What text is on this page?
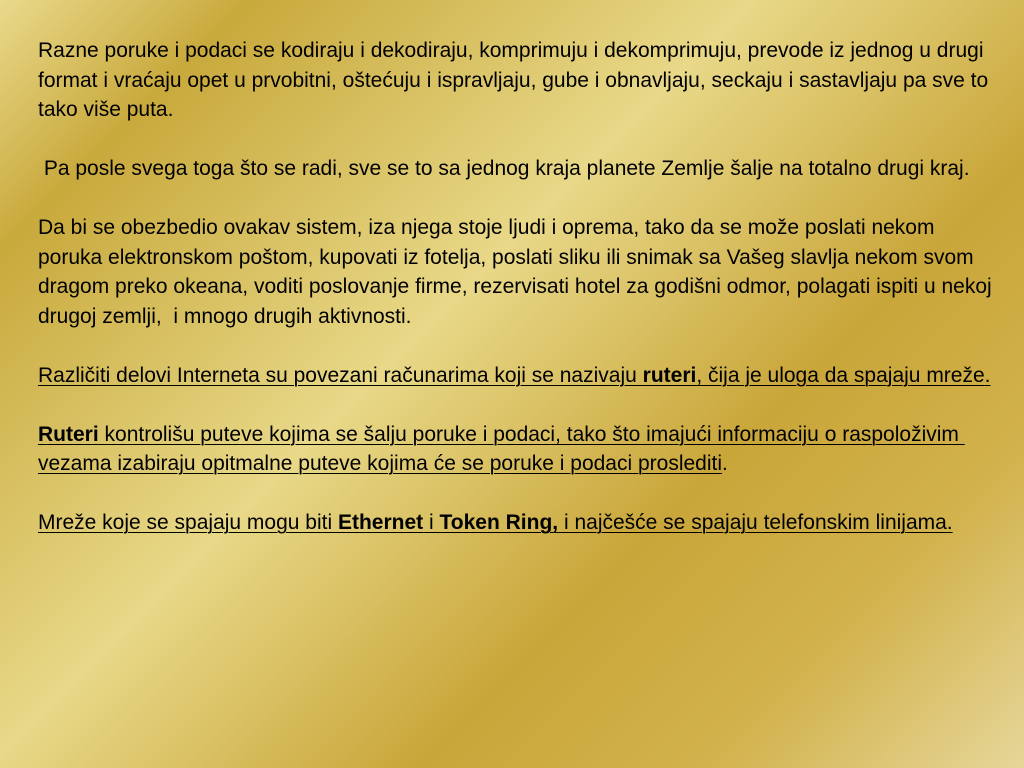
Razne poruke i podaci se kodiraju i dekodiraju, komprimuju i dekomprimuju, prevode iz jednog u drugi format i vraćaju opet u prvobitni, oštećuju i ispravljaju, gube i obnavljaju, seckaju i sastavljaju pa sve to tako više puta.

Pa posle svega toga što se radi, sve se to sa jednog kraja planete Zemlje šalje na totalno drugi kraj.

Da bi se obezbedio ovakav sistem, iza njega stoje ljudi i oprema, tako da se može poslati nekom poruka elektronskom poštom, kupovati iz fotelja, poslati sliku ili snimak sa Vašeg slavlja nekom svom dragom preko okeana, voditi poslovanje firme, rezervisati hotel za godišni odmor, polagati ispiti u nekoj drugoj zemlji,  i mnogo drugih aktivnosti.

Različiti delovi Interneta su povezani računarima koji se nazivaju ruteri, čija je uloga da spajaju mreže.

Ruteri kontrolišu puteve kojima se šalju poruke i podaci, tako što imajući informaciju o raspoloživim vezama izabiraju opitmalne puteve kojima će se poruke i podaci proslediti.

Mreže koje se spajaju mogu biti Ethernet i Token Ring, i najčešće se spajaju telefonskim linijama.
